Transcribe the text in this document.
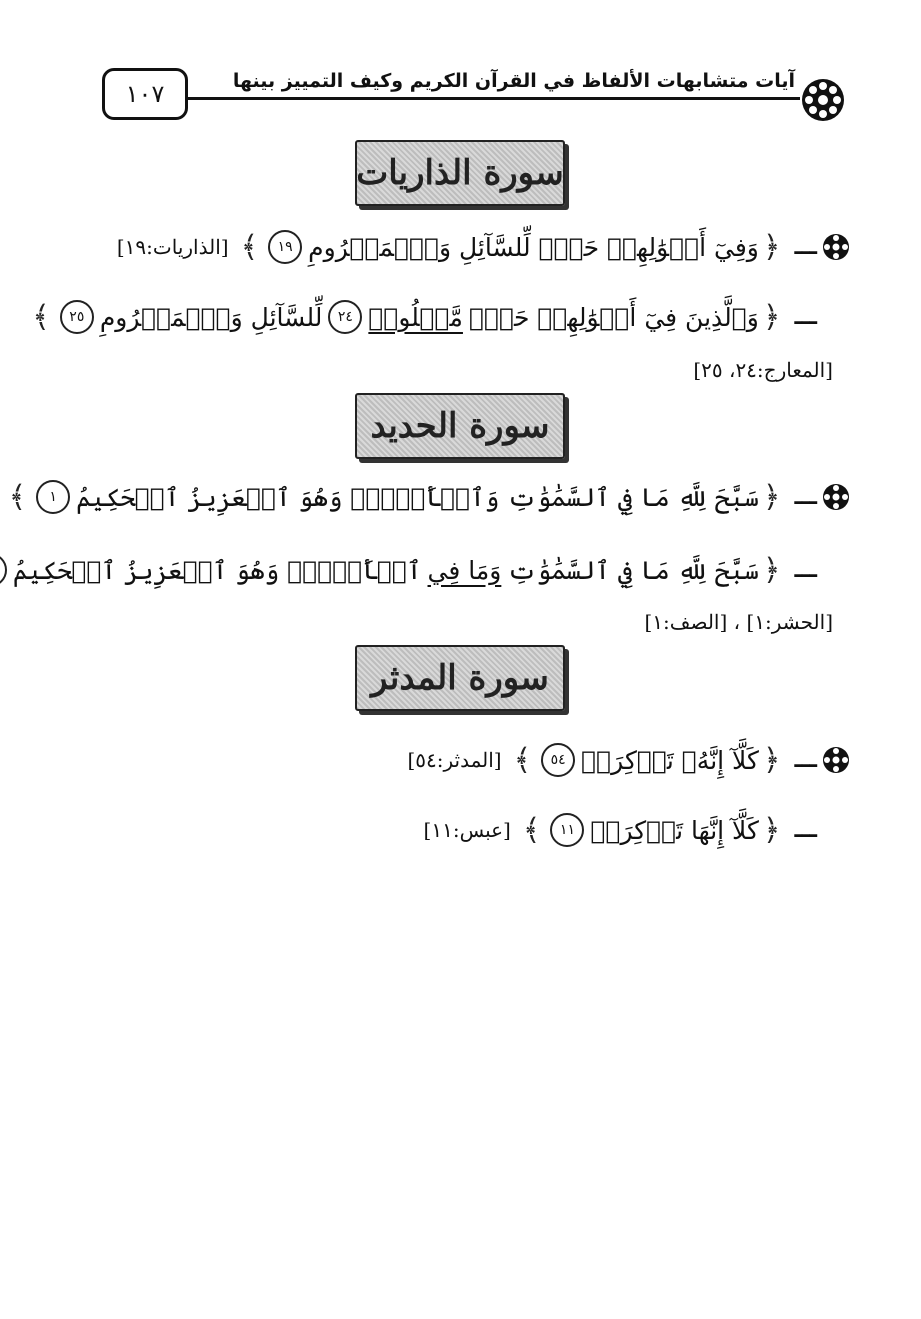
١٠٧	آيات متشابهات الألفاظ في القرآن الكريم وكيف التمييز بينها
سورة الذاريات
ـــ
﴿
وَفِيٓ أَمۡوَٰلِهِمۡ حَقّٞ لِّلسَّآئِلِ وَٱلۡمَحۡرُومِ
١٩
﴾
[الذاريات:١٩]
ـــ
﴿
وَٱلَّذِينَ فِيٓ أَمۡوَٰلِهِمۡ حَقّٞ
مَّعۡلُومٞ
٢٤
لِّلسَّآئِلِ وَٱلۡمَحۡرُومِ
٢٥
﴾
[المعارج:٢٤، ٢٥]
سورة الحديد
ـــ
﴿
سَبَّحَ لِلَّهِ مَا فِي ٱلسَّمَٰوَٰتِ وَٱلۡأَرۡضِۖ وَهُوَ ٱلۡعَزِيزُ ٱلۡحَكِيمُ
١
﴾
ـــ
﴿
سَبَّحَ لِلَّهِ مَا فِي ٱلسَّمَٰوَٰتِ
وَمَا فِي
ٱلۡأَرۡضِۖ وَهُوَ ٱلۡعَزِيزُ ٱلۡحَكِيمُ
[الحشر:١] ، [الصف:١]
سورة المدثر
ـــ
﴿
كَلَّآ إِنَّهُۥ تَذۡكِرَةٞ
٥٤
﴾
[المدثر:٥٤]
ـــ
﴿
كَلَّآ إِنَّهَا تَذۡكِرَةٞ
١١
﴾
[عبس:١١]
